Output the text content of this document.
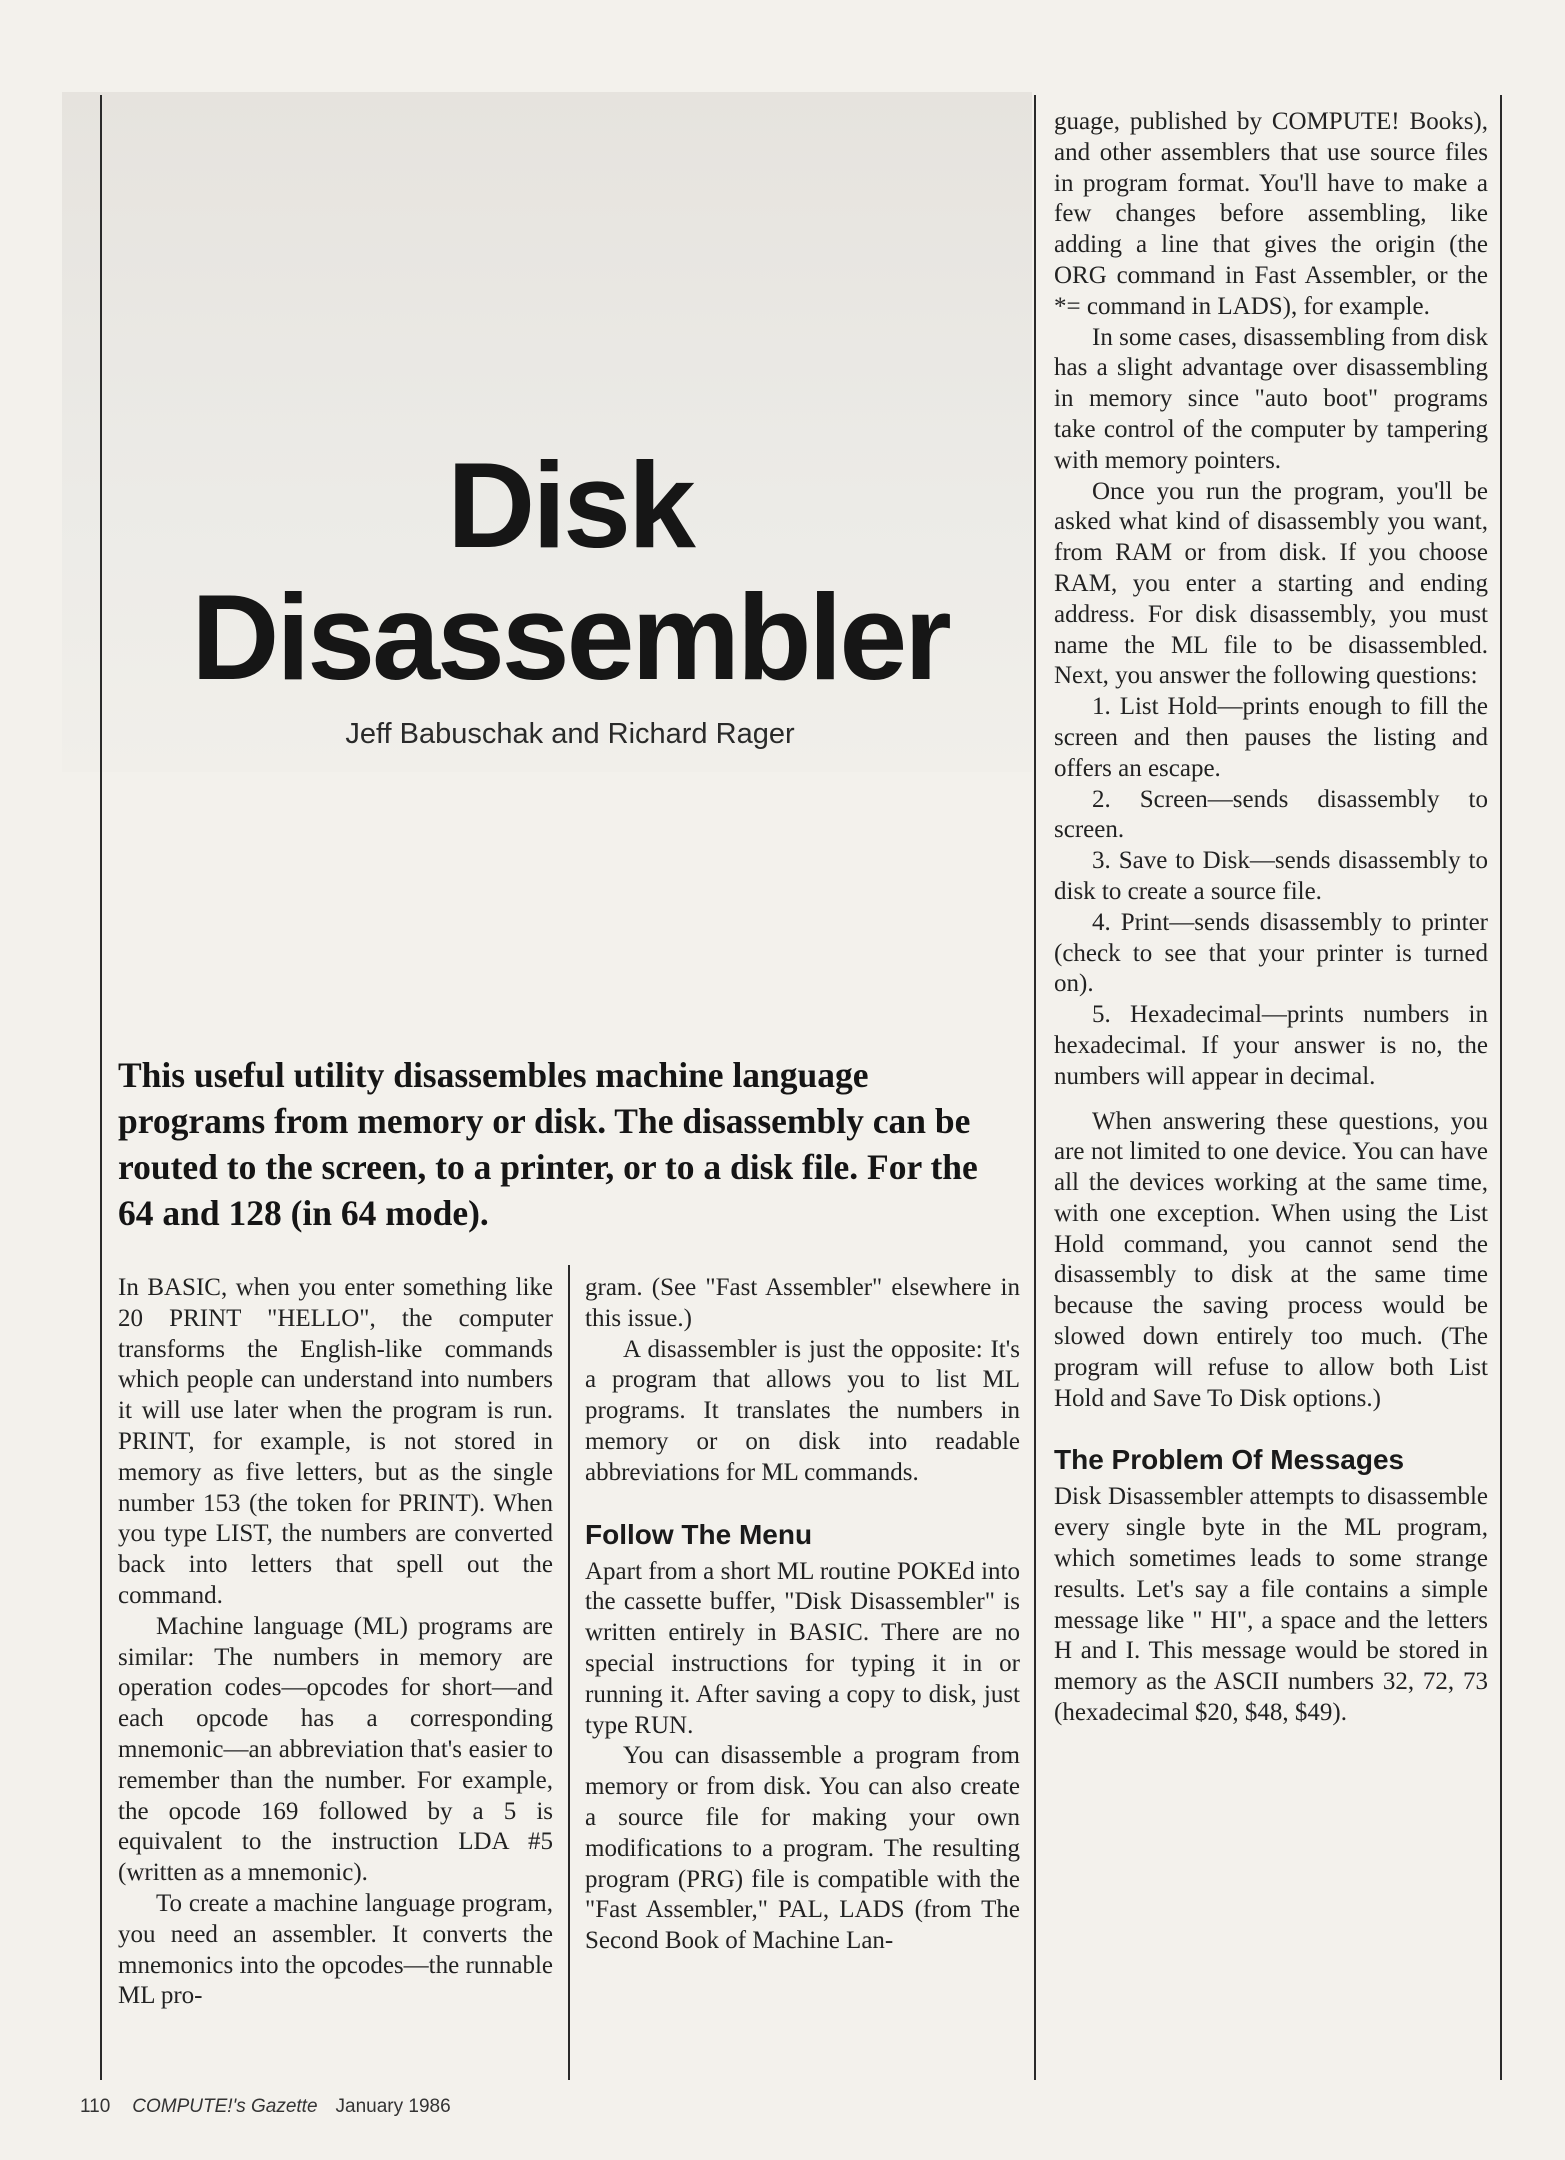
Disk
Disassembler
Jeff Babuschak and Richard Rager

This useful utility disassembles machine language programs from memory or disk. The disassembly can be routed to the screen, to a printer, or to a disk file. For the 64 and 128 (in 64 mode).

In BASIC, when you enter something like 20 PRINT "HELLO", the computer transforms the English-like commands which people can understand into numbers it will use later when the program is run. PRINT, for example, is not stored in memory as five letters, but as the single number 153 (the token for PRINT). When you type LIST, the numbers are converted back into letters that spell out the command.

Machine language (ML) programs are similar: The numbers in memory are operation codes—opcodes for short—and each opcode has a corresponding mnemonic—an abbreviation that's easier to remember than the number. For example, the opcode 169 followed by a 5 is equivalent to the instruction LDA #5 (written as a mnemonic).

To create a machine language program, you need an assembler. It converts the mnemonics into the opcodes—the runnable ML pro-

gram. (See "Fast Assembler" elsewhere in this issue.)

A disassembler is just the opposite: It's a program that allows you to list ML programs. It translates the numbers in memory or on disk into readable abbreviations for ML commands.

Follow The Menu

Apart from a short ML routine POKEd into the cassette buffer, "Disk Disassembler" is written entirely in BASIC. There are no special instructions for typing it in or running it. After saving a copy to disk, just type RUN.

You can disassemble a program from memory or from disk. You can also create a source file for making your own modifications to a program. The resulting program (PRG) file is compatible with the "Fast Assembler," PAL, LADS (from The Second Book of Machine Lan-

guage, published by COMPUTE! Books), and other assemblers that use source files in program format. You'll have to make a few changes before assembling, like adding a line that gives the origin (the ORG command in Fast Assembler, or the *= command in LADS), for example.

In some cases, disassembling from disk has a slight advantage over disassembling in memory since "auto boot" programs take control of the computer by tampering with memory pointers.

Once you run the program, you'll be asked what kind of disassembly you want, from RAM or from disk. If you choose RAM, you enter a starting and ending address. For disk disassembly, you must name the ML file to be disassembled. Next, you answer the following questions:

1. List Hold—prints enough to fill the screen and then pauses the listing and offers an escape.

2. Screen—sends disassembly to screen.

3. Save to Disk—sends disassembly to disk to create a source file.

4. Print—sends disassembly to printer (check to see that your printer is turned on).

5. Hexadecimal—prints numbers in hexadecimal. If your answer is no, the numbers will appear in decimal.

When answering these questions, you are not limited to one device. You can have all the devices working at the same time, with one exception. When using the List Hold command, you cannot send the disassembly to disk at the same time because the saving process would be slowed down entirely too much. (The program will refuse to allow both List Hold and Save To Disk options.)

The Problem Of Messages

Disk Disassembler attempts to disassemble every single byte in the ML program, which sometimes leads to some strange results. Let's say a file contains a simple message like " HI", a space and the letters H and I. This message would be stored in memory as the ASCII numbers 32, 72, 73 (hexadecimal $20, $48, $49).

110 COMPUTE!'s Gazette January 1986
